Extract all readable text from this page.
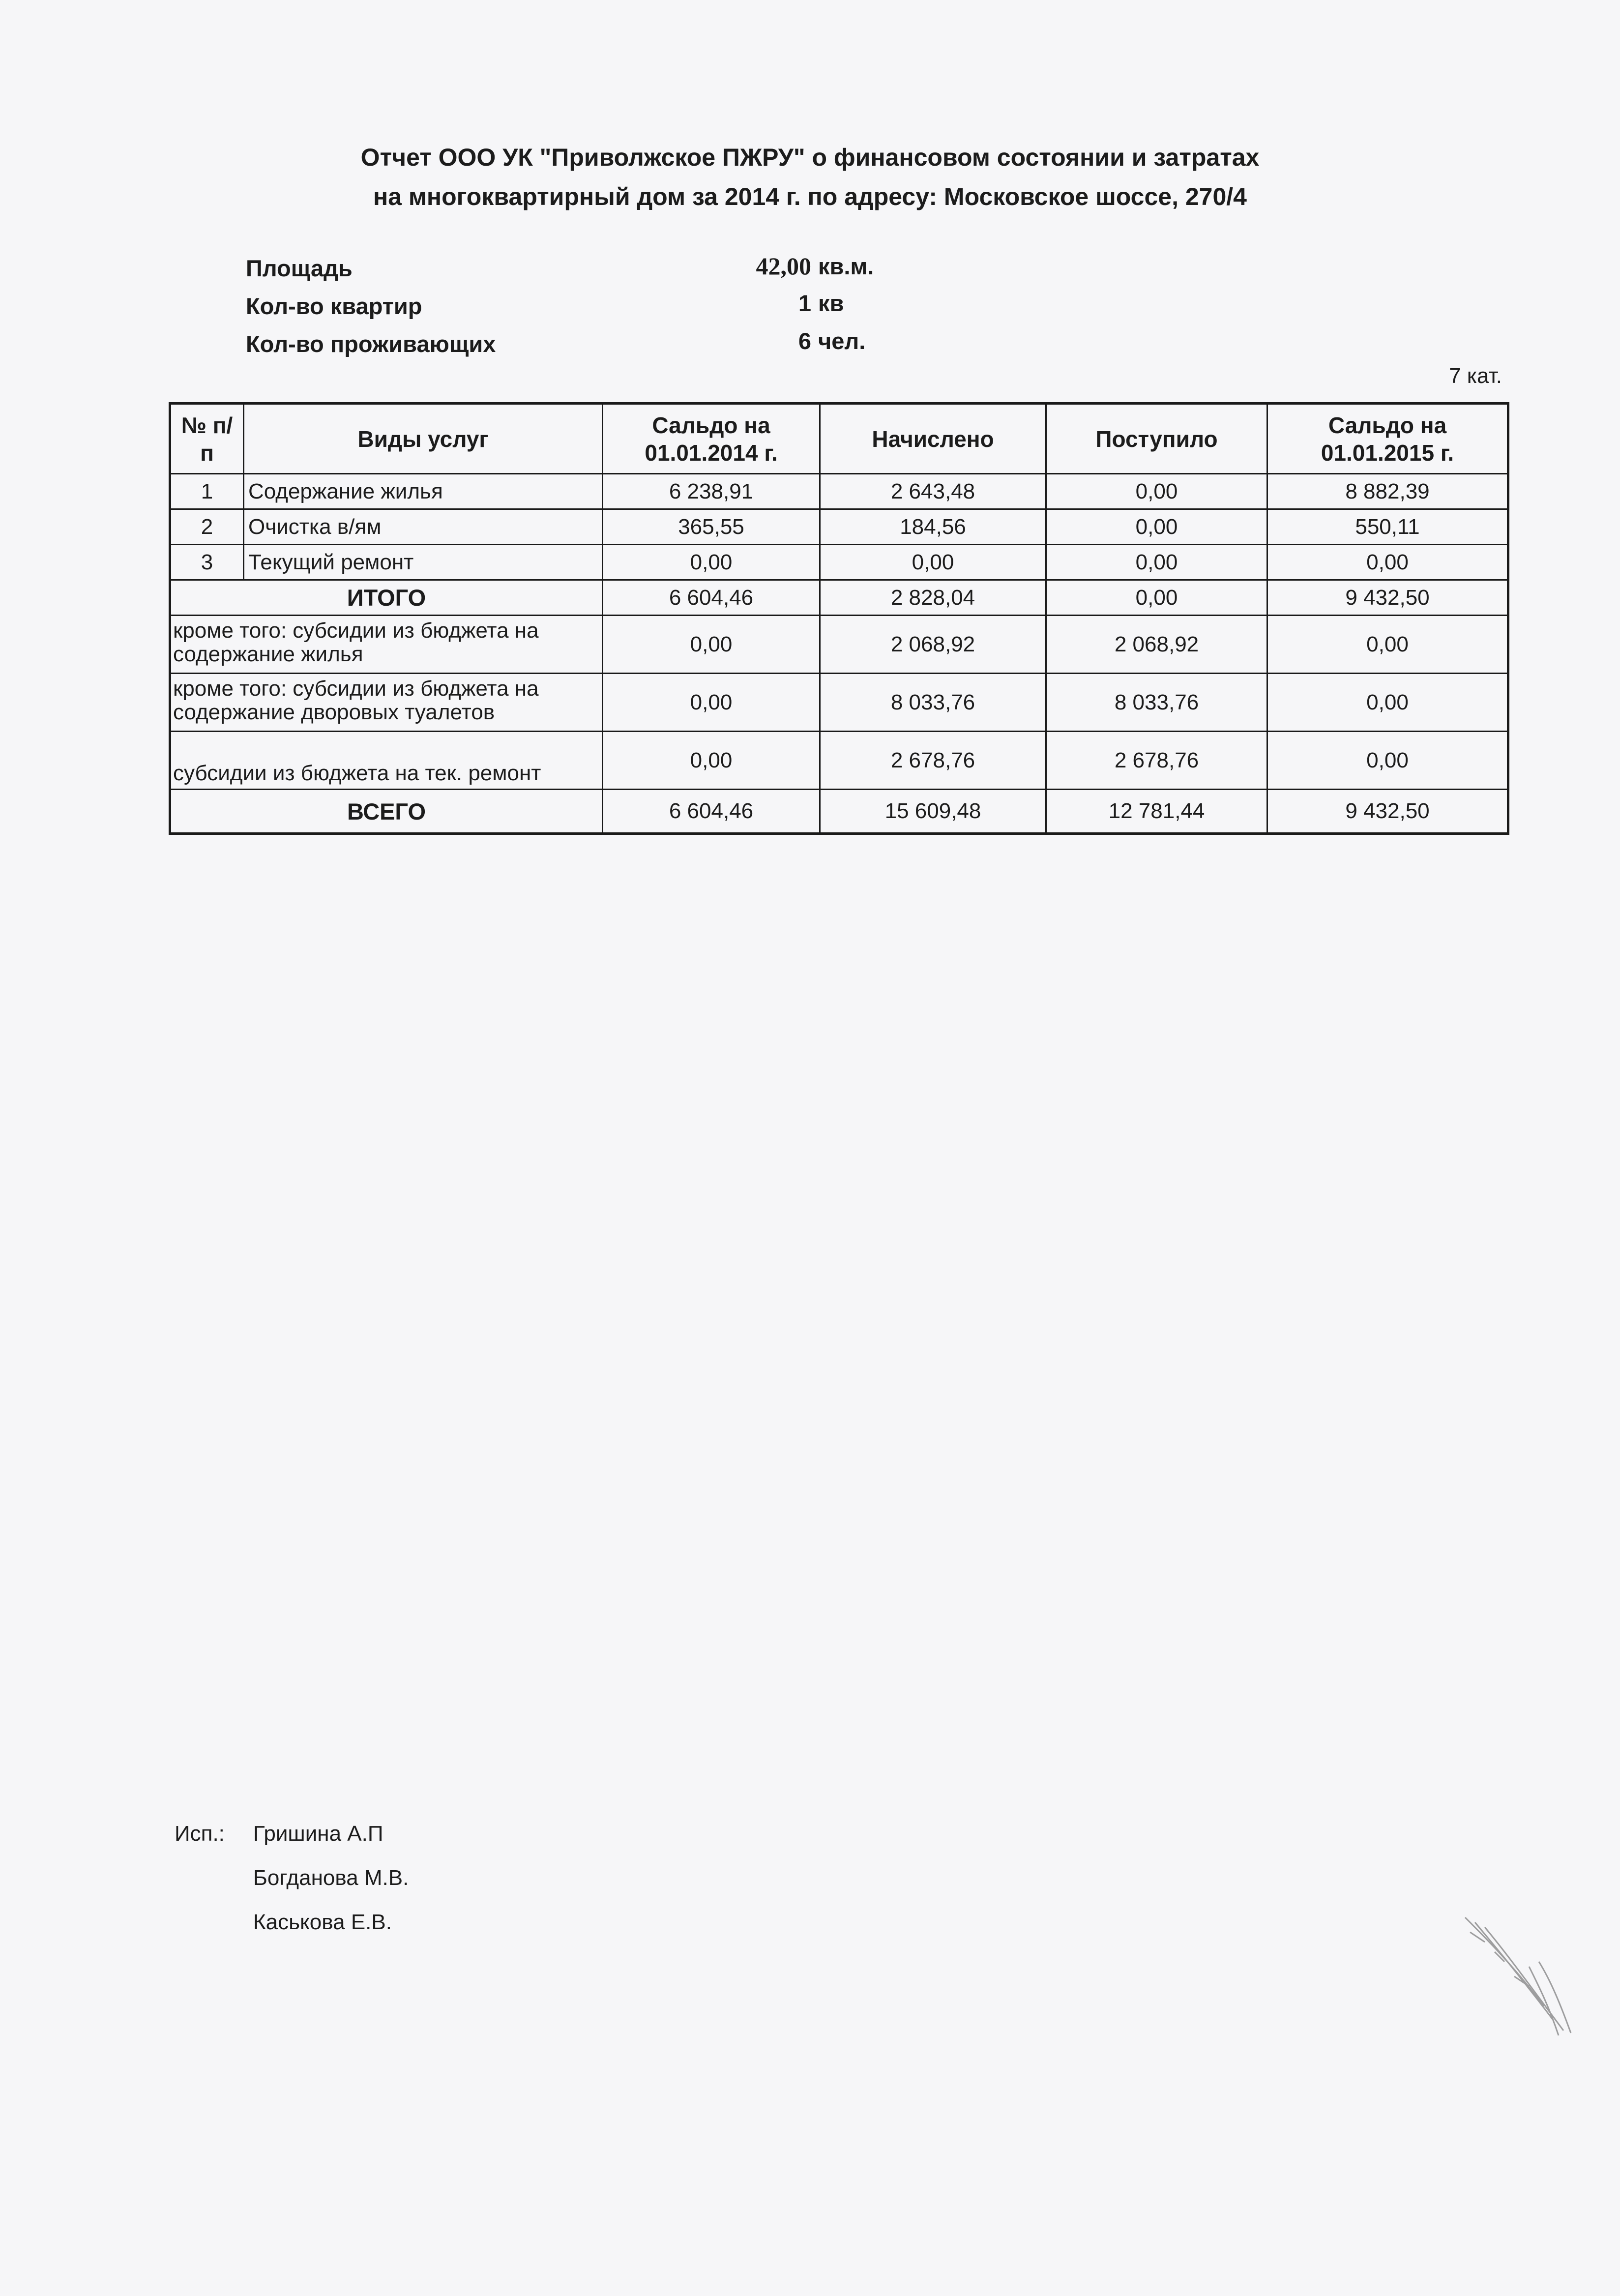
Отчет ООО УК "Приволжское ПЖРУ" о финансовом состоянии и затратах
на многоквартирный дом за 2014 г. по адресу: Московское шоссе, 270/4
Площадь	42,00 кв.м.
Кол-во квартир	1 кв
Кол-во проживающих	6 чел.
7 кат.
№ п/п	Виды услуг	Сальдо на 01.01.2014 г.	Начислено	Поступило	Сальдо на 01.01.2015 г.
1	Содержание жилья	6 238,91	2 643,48	0,00	8 882,39
2	Очистка в/ям	365,55	184,56	0,00	550,11
3	Текущий ремонт	0,00	0,00	0,00	0,00
ИТОГО		6 604,46	2 828,04	0,00	9 432,50
кроме того: субсидии из бюджета на содержание жилья		0,00	2 068,92	2 068,92	0,00
кроме того: субсидии из бюджета на содержание дворовых туалетов		0,00	8 033,76	8 033,76	0,00
субсидии из бюджета на тек. ремонт		0,00	2 678,76	2 678,76	0,00
ВСЕГО		6 604,46	15 609,48	12 781,44	9 432,50
Исп.: Гришина А.П
Богданова М.В.
Каськова Е.В.
